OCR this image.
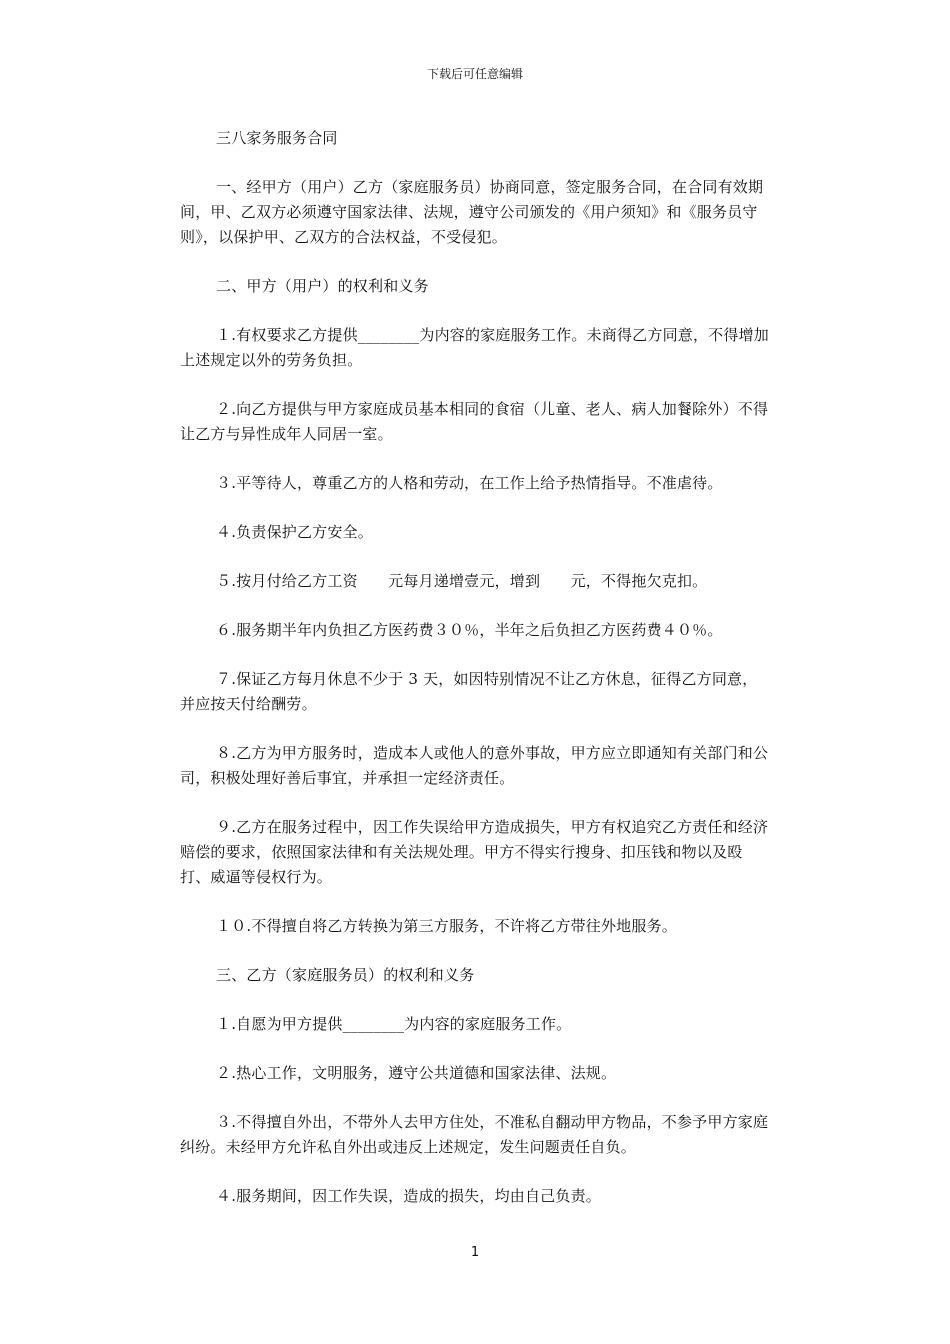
下载后可任意编辑

三八家务服务合同

一、经甲方（用户）乙方（家庭服务员）协商同意，签定服务合同，在合同有效期间，甲、乙双方必须遵守国家法律、法规，遵守公司颁发的《用户须知》和《服务员守则》，以保护甲、乙双方的合法权益，不受侵犯。

二、甲方（用户）的权利和义务

１.有权要求乙方提供________为内容的家庭服务工作。未商得乙方同意，不得增加上述规定以外的劳务负担。

２.向乙方提供与甲方家庭成员基本相同的食宿（儿童、老人、病人加餐除外）不得让乙方与异性成年人同居一室。

３.平等待人，尊重乙方的人格和劳动，在工作上给予热情指导。不准虐待。

４.负责保护乙方安全。

５.按月付给乙方工资　　元每月递增壹元，增到　　元，不得拖欠克扣。

６.服务期半年内负担乙方医药费３０％，半年之后负担乙方医药费４０％。

７.保证乙方每月休息不少于 3 天，如因特别情况不让乙方休息，征得乙方同意，并应按天付给酬劳。

８.乙方为甲方服务时，造成本人或他人的意外事故，甲方应立即通知有关部门和公司，积极处理好善后事宜，并承担一定经济责任。

９.乙方在服务过程中，因工作失误给甲方造成损失，甲方有权追究乙方责任和经济赔偿的要求，依照国家法律和有关法规处理。甲方不得实行搜身、扣压钱和物以及殴打、威逼等侵权行为。

１０.不得擅自将乙方转换为第三方服务，不许将乙方带往外地服务。

三、乙方（家庭服务员）的权利和义务

１.自愿为甲方提供________为内容的家庭服务工作。

２.热心工作，文明服务，遵守公共道德和国家法律、法规。

３.不得擅自外出，不带外人去甲方住处，不准私自翻动甲方物品，不参予甲方家庭纠纷。未经甲方允许私自外出或违反上述规定，发生问题责任自负。

４.服务期间，因工作失误，造成的损失，均由自己负责。

1
